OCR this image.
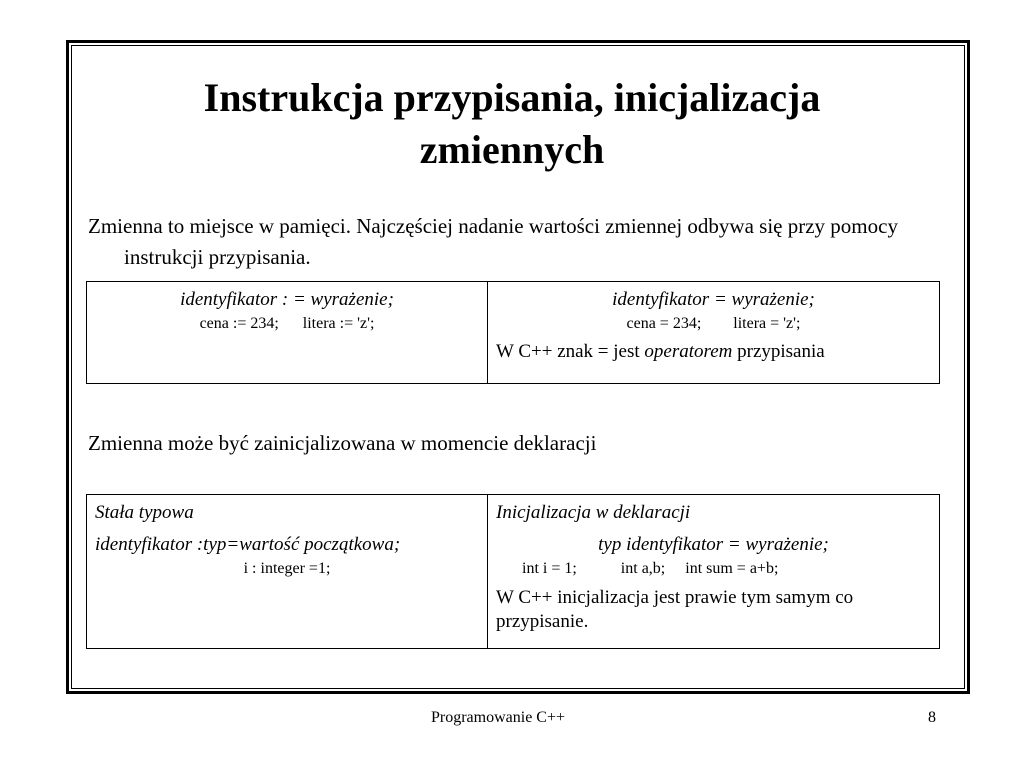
Instrukcja przypisania, inicjalizacja
zmiennych

Zmienna to miejsce w pamięci. Najczęściej nadanie wartości zmiennej odbywa się przy pomocy instrukcji przypisania.

identyfikator : = wyrażenie;

cena := 234;      litera := 'z';

identyfikator = wyrażenie;

cena = 234;        litera = 'z';

W C++ znak = jest operatorem przypisania

Zmienna może być zainicjalizowana w momencie deklaracji

Stała typowa

identyfikator :typ=wartość początkowa;

i : integer =1;

Inicjalizacja w deklaracji

typ identyfikator = wyrażenie;

int i = 1;           int a,b;     int sum = a+b;

W C++ inicjalizacja jest prawie tym samym co przypisanie.

Programowanie C++	8
